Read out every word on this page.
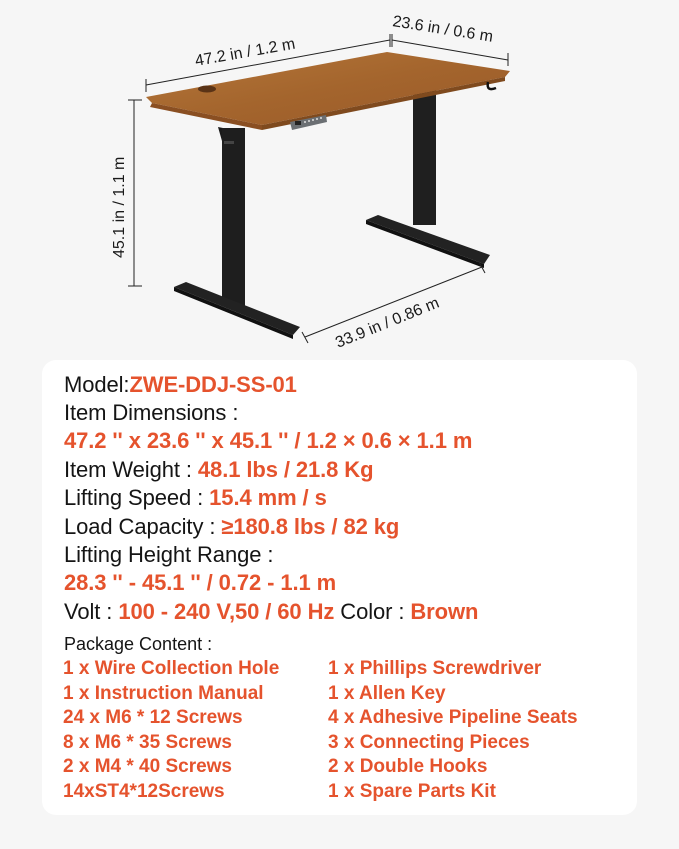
47.2 in / 1.2 m
23.6 in / 0.6 m
45.1 in / 1.1 m
33.9 in / 0.86 m
Model:ZWE-DDJ-SS-01
Item Dimensions :
47.2 '' x 23.6 '' x 45.1 '' / 1.2 × 0.6 × 1.1 m
Item Weight : 48.1 lbs / 21.8 Kg
Lifting Speed : 15.4 mm / s
Load Capacity : ≥180.8 lbs / 82 kg
Lifting Height Range :
28.3 '' - 45.1 '' / 0.72 - 1.1 m
Volt : 100 - 240 V,50 / 60 Hz Color : Brown
Package Content :
1 x Wire Collection Hole
1 x Instruction Manual
24 x M6 * 12 Screws
8 x M6 * 35 Screws
2 x M4 * 40 Screws
14xST4*12Screws
1 x Phillips Screwdriver
1 x Allen Key
4 x Adhesive Pipeline Seats
3 x Connecting Pieces
2 x Double Hooks
1 x Spare Parts Kit
